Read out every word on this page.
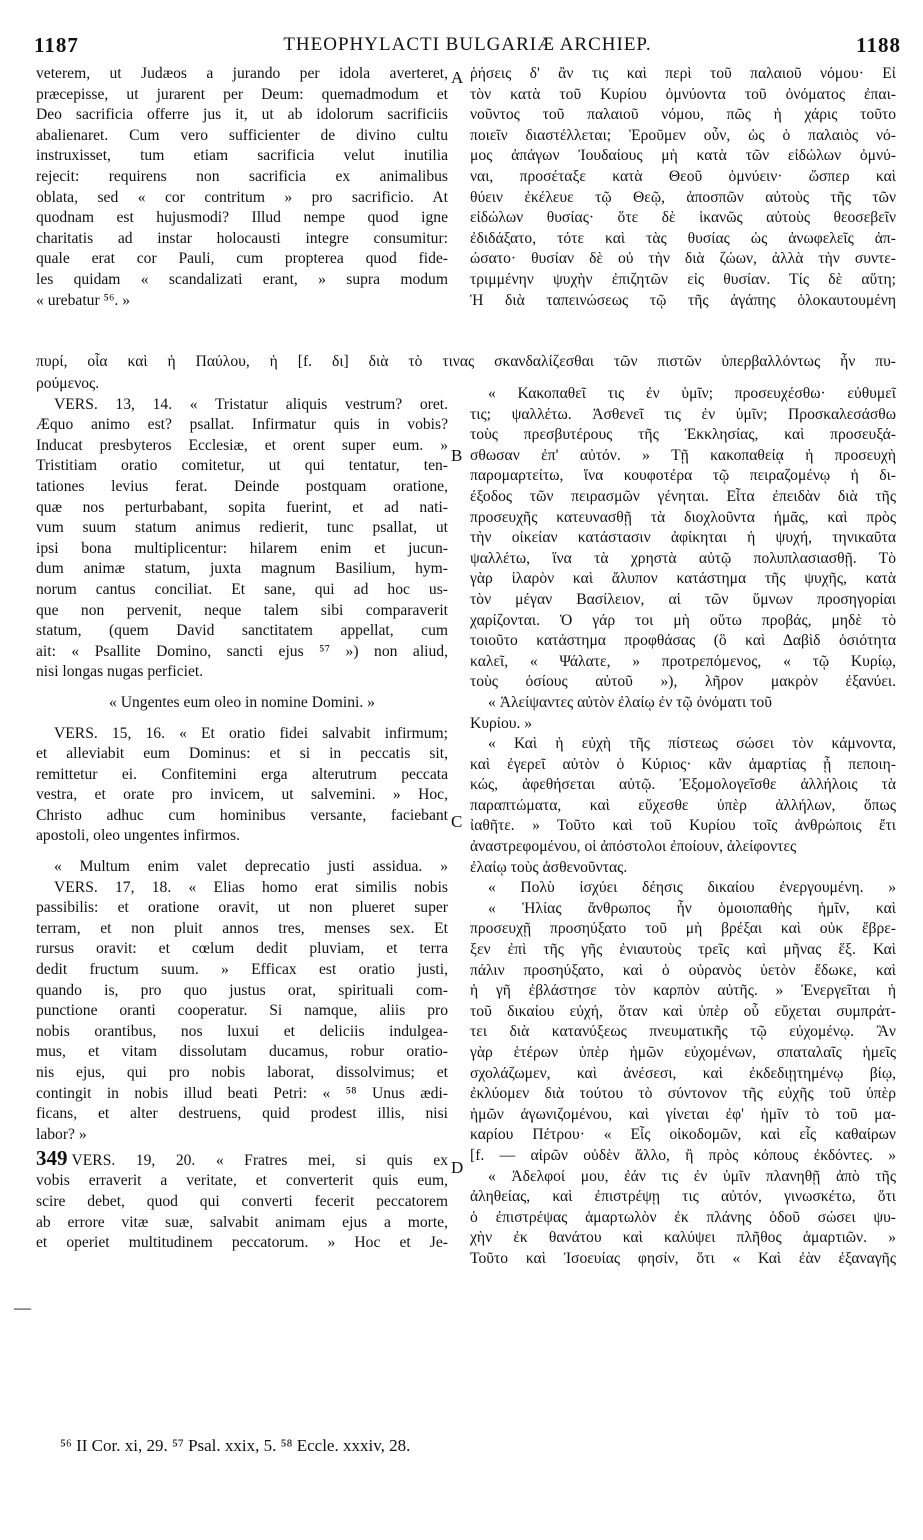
1187	THEOPHYLACTI BULGARIÆ ARCHIEP.	1188
A
B
C
D
—
veterem, ut Judæos a jurando per idola averteret,
præcepisse, ut jurarent per Deum: quemadmodum et
Deo sacrificia offerre jus it, ut ab idolorum sacrificiis
abalienaret. Cum vero sufficienter de divino cultu
instruxisset, tum etiam sacrificia velut inutilia
rejecit: requirens non sacrificia ex animalibus
oblata, sed « cor contritum » pro sacrificio. At
quodnam est hujusmodi? Illud nempe quod igne
charitatis ad instar holocausti integre consumitur:
quale erat cor Pauli, cum propterea quod fide-
les quidam « scandalizati erant, » supra modum
« urebatur ⁵⁶. »
ῥήσεις δ' ἂν τις καὶ περὶ τοῦ παλαιοῦ νόμου· Εἰ
τὸν κατὰ τοῦ Κυρίου ὀμνύοντα τοῦ ὀνόματος ἐπαι-
νοῦντος τοῦ παλαιοῦ νόμου, πῶς ἡ χάρις τοῦτο
ποιεῖν διαστέλλεται; Ἐροῦμεν οὖν, ὡς ὁ παλαιὸς νό-
μος ἀπάγων Ἰουδαίους μὴ κατὰ τῶν εἰδώλων ὀμνύ-
ναι, προσέταξε κατὰ Θεοῦ ὀμνύειν· ὥσπερ καὶ
θύειν ἐκέλευε τῷ Θεῷ, ἀποσπῶν αὐτοὺς τῆς τῶν
εἰδώλων θυσίας· ὅτε δὲ ἱκανῶς αὐτοὺς θεοσεβεῖν
ἐδιδάξατο, τότε καὶ τὰς θυσίας ὡς ἀνωφελεῖς ἀπ-
ώσατο· θυσίαν δὲ οὐ τὴν διὰ ζώων, ἀλλὰ τὴν συντε-
τριμμένην ψυχὴν ἐπιζητῶν εἰς θυσίαν. Τίς δὲ αὕτη;
Ἡ διὰ ταπεινώσεως τῷ τῆς ἀγάπης ὁλοκαυτουμένη
πυρί, οἷα καὶ ἡ Παύλου, ἡ [f. δι] διὰ τὸ τινας σκανδαλίζεσθαι τῶν πιστῶν ὑπερβαλλόντως ἦν πυ-
ρούμενος.
VERS. 13, 14. « Tristatur aliquis vestrum? oret.
Æquo animo est? psallat. Infirmatur quis in vobis?
Inducat presbyteros Ecclesiæ, et orent super eum. »
Tristitiam oratio comitetur, ut qui tentatur, ten-
tationes levius ferat. Deinde postquam oratione,
quæ nos perturbabant, sopita fuerint, et ad nati-
vum suum statum animus redierit, tunc psallat, ut
ipsi bona multiplicentur: hilarem enim et jucun-
dum animæ statum, juxta magnum Basilium, hym-
norum cantus conciliat. Et sane, qui ad hoc us-
que non pervenit, neque talem sibi comparaverit
statum, (quem David sanctitatem appellat, cum
ait: « Psallite Domino, sancti ejus ⁵⁷ ») non aliud,
nisi longas nugas perficiet.
« Ungentes eum oleo in nomine Domini. »
VERS. 15, 16. « Et oratio fidei salvabit infirmum;
et alleviabit eum Dominus: et si in peccatis sit,
remittetur ei. Confitemini erga alterutrum peccata
vestra, et orate pro invicem, ut salvemini. » Hoc,
Christo adhuc cum hominibus versante, faciebant
apostoli, oleo ungentes infirmos.
« Multum enim valet deprecatio justi assidua. »
VERS. 17, 18. « Elias homo erat similis nobis
passibilis: et oratione oravit, ut non plueret super
terram, et non pluit annos tres, menses sex. Et
rursus oravit: et cœlum dedit pluviam, et terra
dedit fructum suum. » Efficax est oratio justi,
quando is, pro quo justus orat, spirituali com-
punctione oranti cooperatur. Si namque, aliis pro
nobis orantibus, nos luxui et deliciis indulgea-
mus, et vitam dissolutam ducamus, robur oratio-
nis ejus, qui pro nobis laborat, dissolvimus; et
contingit in nobis illud beati Petri: « ⁵⁸ Unus ædi-
ficans, et alter destruens, quid prodest illis, nisi
labor? »
349 VERS. 19, 20. « Fratres mei, si quis ex
vobis erraverit a veritate, et converterit quis eum,
scire debet, quod qui converti fecerit peccatorem
ab errore vitæ suæ, salvabit animam ejus a morte,
et operiet multitudinem peccatorum. » Hoc et Je-
« Κακοπαθεῖ τις ἐν ὑμῖν; προσευχέσθω· εὐθυμεῖ
τις; ψαλλέτω. Ἀσθενεῖ τις ἐν ὑμῖν; Προσκαλεσάσθω
τοὺς πρεσβυτέρους τῆς Ἐκκλησίας, καὶ προσευξά-
σθωσαν ἐπ' αὐτόν. » Τῇ κακοπαθείᾳ ἡ προσευχὴ
παρομαρτείτω, ἵνα κουφοτέρα τῷ πειραζομένῳ ἡ δι-
έξοδος τῶν πειρασμῶν γένηται. Εἶτα ἐπειδὰν διὰ τῆς
προσευχῆς κατευνασθῇ τὰ διοχλοῦντα ἡμᾶς, καὶ πρὸς
τὴν οἰκείαν κατάστασιν ἀφίκηται ἡ ψυχή, τηνικαῦτα
ψαλλέτω, ἵνα τὰ χρηστὰ αὐτῷ πολυπλασιασθῇ. Τὸ
γὰρ ἱλαρὸν καὶ ἄλυπον κατάστημα τῆς ψυχῆς, κατὰ
τὸν μέγαν Βασίλειον, αἱ τῶν ὕμνων προσηγορίαι
χαρίζονται. Ὁ γάρ τοι μὴ οὕτω προβάς, μηδὲ τὸ
τοιοῦτο κατάστημα προφθάσας (ὃ καὶ Δαβὶδ ὁσιότητα
καλεῖ, « Ψάλατε, » προτρεπόμενος, « τῷ Κυρίῳ,
τοὺς ὁσίους αὐτοῦ »), λῆρον μακρὸν ἐξανύει.
« Ἀλείψαντες αὐτὸν ἐλαίῳ ἐν τῷ ὀνόματι τοῦ
Κυρίου. »
« Καὶ ἡ εὐχὴ τῆς πίστεως σώσει τὸν κάμνοντα,
καὶ ἐγερεῖ αὐτὸν ὁ Κύριος· κἂν ἁμαρτίας ᾖ πεποιη-
κώς, ἀφεθήσεται αὐτῷ. Ἐξομολογεῖσθε ἀλλήλοις τὰ
παραπτώματα, καὶ εὔχεσθε ὑπὲρ ἀλλήλων, ὅπως
ἰαθῆτε. » Τοῦτο καὶ τοῦ Κυρίου τοῖς ἀνθρώποις ἔτι
ἀναστρεφομένου, οἱ ἀπόστολοι ἐποίουν, ἀλείφοντες
ἐλαίῳ τοὺς ἀσθενοῦντας.
« Πολὺ ἰσχύει δέησις δικαίου ἐνεργουμένη. »
« Ἠλίας ἄνθρωπος ἦν ὁμοιοπαθὴς ἡμῖν, καὶ
προσευχῇ προσηύξατο τοῦ μὴ βρέξαι καὶ οὐκ ἔβρε-
ξεν ἐπὶ τῆς γῆς ἐνιαυτοὺς τρεῖς καὶ μῆνας ἕξ. Καὶ
πάλιν προσηύξατο, καὶ ὁ οὐρανὸς ὑετὸν ἔδωκε, καὶ
ἡ γῆ ἐβλάστησε τὸν καρπὸν αὐτῆς. » Ἐνεργεῖται ἡ
τοῦ δικαίου εὐχή, ὅταν καὶ ὑπὲρ οὗ εὔχεται συμπράτ-
τει διὰ κατανύξεως πνευματικῆς τῷ εὐχομένῳ. Ἂν
γὰρ ἑτέρων ὑπὲρ ἡμῶν εὐχομένων, σπαταλαῖς ἡμεῖς
σχολάζωμεν, καὶ ἀνέσεσι, καὶ ἐκδεδιῃτημένῳ βίῳ,
ἐκλύομεν διὰ τούτου τὸ σύντονον τῆς εὐχῆς τοῦ ὑπὲρ
ἡμῶν ἀγωνιζομένου, καὶ γίνεται ἐφ' ἡμῖν τὸ τοῦ μα-
καρίου Πέτρου· « Εἷς οἰκοδομῶν, καὶ εἷς καθαίρων
[f. — αἰρῶν οὐδὲν ἄλλο, ἢ πρὸς κόπους ἐκδόντες. »
« Ἀδελφοί μου, ἐάν τις ἐν ὑμῖν πλανηθῇ ἀπὸ τῆς
ἀληθείας, καὶ ἐπιστρέψῃ τις αὐτόν, γινωσκέτω, ὅτι
ὁ ἐπιστρέψας ἁμαρτωλὸν ἐκ πλάνης ὁδοῦ σώσει ψυ-
χὴν ἐκ θανάτου καὶ καλύψει πλῆθος ἁμαρτιῶν. »
Τοῦτο καὶ Ἰσοευίας φησίν, ὅτι « Καὶ ἐὰν ἐξαναγῆς
⁵⁶ II Cor. xi, 29. ⁵⁷ Psal. xxix, 5. ⁵⁸ Eccle. xxxiv, 28.
